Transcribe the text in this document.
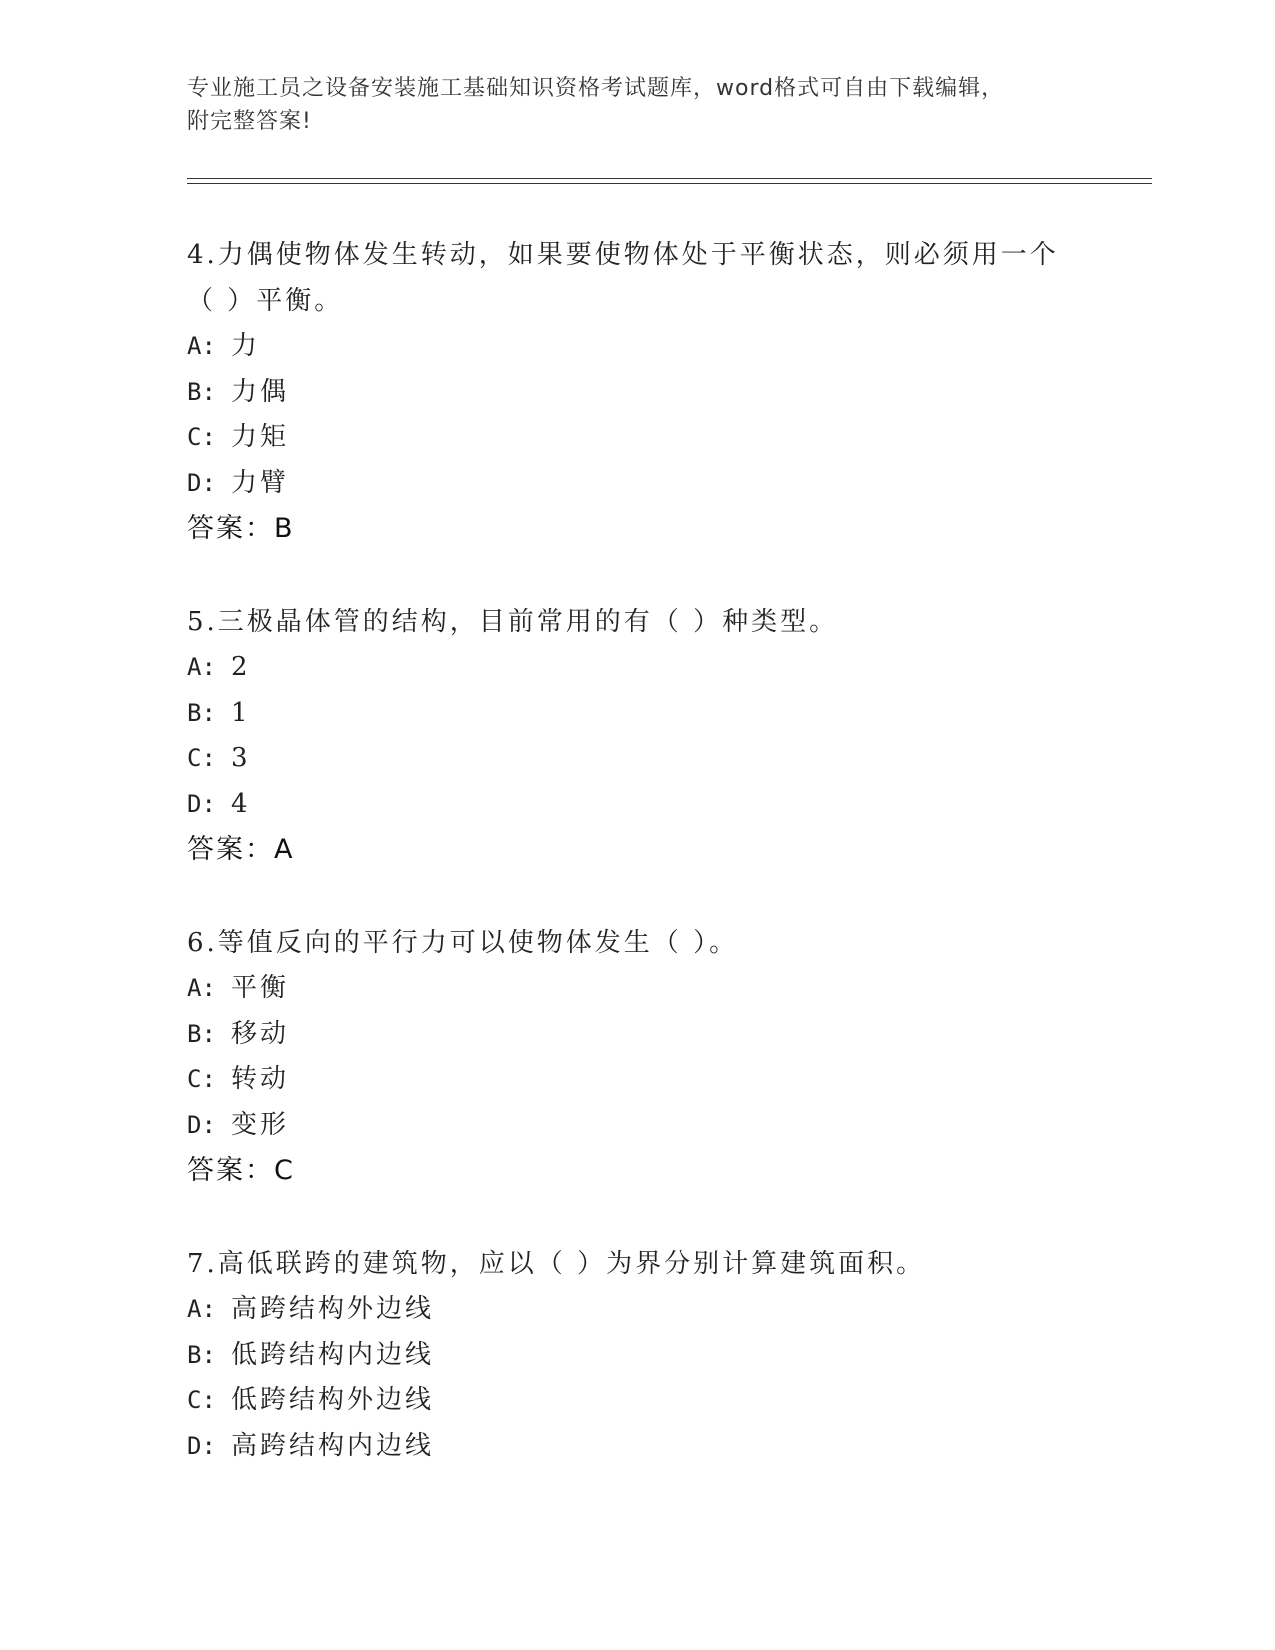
专业施工员之设备安装施工基础知识资格考试题库，word格式可自由下载编辑，
附完整答案!
4.力偶使物体发生转动，如果要使物体处于平衡状态，则必须用一个
（ ）平衡。
A: 力
B: 力偶
C: 力矩
D: 力臂
答案：B
5.三极晶体管的结构，目前常用的有（ ）种类型。
A: 2
B: 1
C: 3
D: 4
答案：A
6.等值反向的平行力可以使物体发生（ ）。
A: 平衡
B: 移动
C: 转动
D: 变形
答案：C
7.高低联跨的建筑物，应以（ ）为界分别计算建筑面积。
A: 高跨结构外边线
B: 低跨结构内边线
C: 低跨结构外边线
D: 高跨结构内边线
